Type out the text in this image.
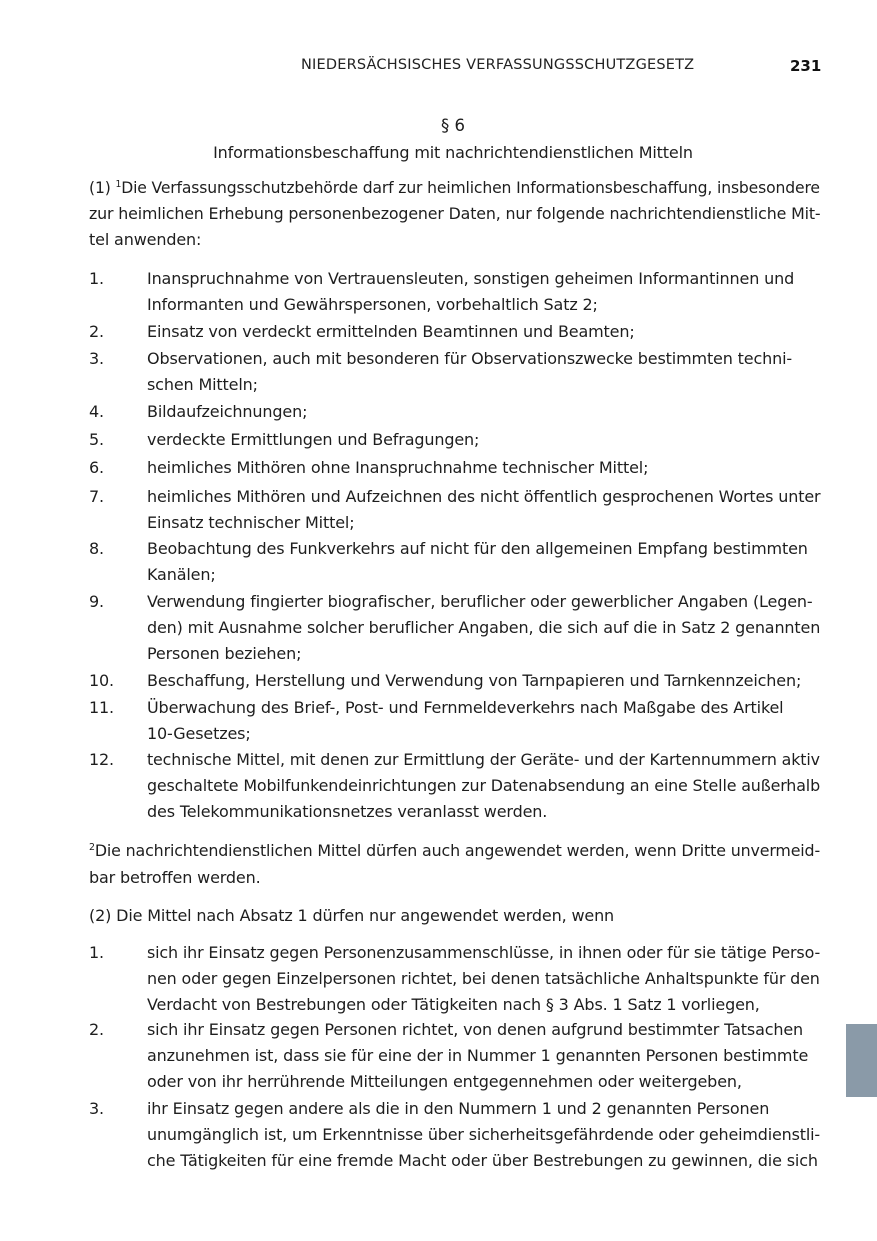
NIEDERSÄCHSISCHES VERFASSUNGSSCHUTZGESETZ	231
§ 6
Informationsbeschaffung mit nachrichtendienstlichen Mitteln
(1) $^1$Die Verfassungsschutzbehörde darf zur heimlichen Informationsbeschaffung, insbesondere
zur heimlichen Erhebung personenbezogener Daten, nur folgende nachrichtendienstliche Mit-
tel anwenden:
1.	Inanspruchnahme von Vertrauensleuten, sonstigen geheimen Informantinnen und
Informanten und Gewährspersonen, vorbehaltlich Satz 2;
2.	Einsatz von verdeckt ermittelnden Beamtinnen und Beamten;
3.	Observationen, auch mit besonderen für Observationszwecke bestimmten techni-
schen Mitteln;
4.	Bildaufzeichnungen;
5.	verdeckte Ermittlungen und Befragungen;
6.	heimliches Mithören ohne Inanspruchnahme technischer Mittel;
7.	heimliches Mithören und Aufzeichnen des nicht öffentlich gesprochenen Wortes unter
Einsatz technischer Mittel;
8.	Beobachtung des Funkverkehrs auf nicht für den allgemeinen Empfang bestimmten
Kanälen;
9.	Verwendung fingierter biografischer, beruflicher oder gewerblicher Angaben (Legen-
den) mit Ausnahme solcher beruflicher Angaben, die sich auf die in Satz 2 genannten
Personen beziehen;
10. Beschaffung, Herstellung und Verwendung von Tarnpapieren und Tarnkennzeichen;
11. Überwachung des Brief-, Post- und Fernmeldeverkehrs nach Maßgabe des Artikel
10-Gesetzes;
12. technische Mittel, mit denen zur Ermittlung der Geräte- und der Kartennummern aktiv
geschaltete Mobilfunkendeinrichtungen zur Datenabsendung an eine Stelle außerhalb
des Telekommunikationsnetzes veranlasst werden.
$^2$Die nachrichtendienstlichen Mittel dürfen auch angewendet werden, wenn Dritte unvermeid-
bar betroffen werden.
(2) Die Mittel nach Absatz 1 dürfen nur angewendet werden, wenn
1.	sich ihr Einsatz gegen Personenzusammenschlüsse, in ihnen oder für sie tätige Perso-
nen oder gegen Einzelpersonen richtet, bei denen tatsächliche Anhaltspunkte für den
Verdacht von Bestrebungen oder Tätigkeiten nach § 3 Abs. 1 Satz 1 vorliegen,
2.	sich ihr Einsatz gegen Personen richtet, von denen aufgrund bestimmter Tatsachen
anzunehmen ist, dass sie für eine der in Nummer 1 genannten Personen bestimmte
oder von ihr herrührende Mitteilungen entgegennehmen oder weitergeben,
3.	ihr Einsatz gegen andere als die in den Nummern 1 und 2 genannten Personen
unumgänglich ist, um Erkenntnisse über sicherheitsgefährdende oder geheimdienstli-
che Tätigkeiten für eine fremde Macht oder über Bestrebungen zu gewinnen, die sich
